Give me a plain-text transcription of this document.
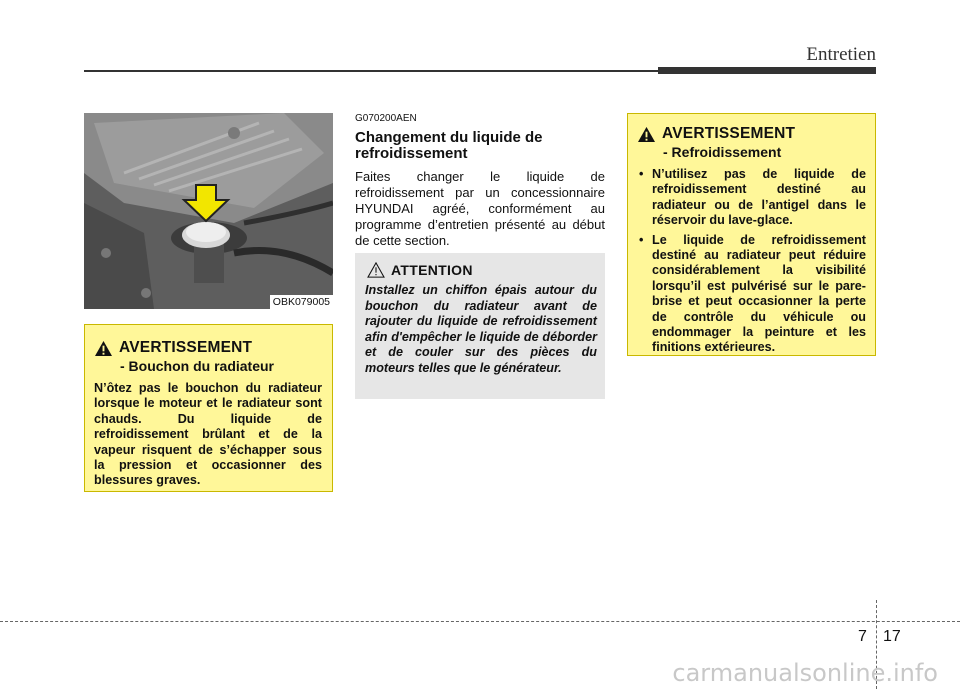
Entretien
OBK079005
AVERTISSEMENT
- Bouchon du radiateur
N’ôtez pas le bouchon du radiateur lorsque le moteur et le radiateur sont chauds. Du liquide de refroidissement brûlant et de la vapeur risquent de s’échapper sous la pression et occasionner des blessures graves.
G070200AEN
Changement du liquide de refroidissement
Faites changer le liquide de refroidissement par un concessionnaire HYUNDAI agréé, conformément au programme d’entretien présenté au début de cette section.
ATTENTION
Installez un chiffon épais autour du bouchon du radiateur avant de rajouter du liquide de refroidissement afin d'empêcher le liquide de déborder et de couler sur des pièces du moteurs telles que le générateur.
AVERTISSEMENT
- Refroidissement
• N’utilisez pas de liquide de refroidissement destiné au radiateur ou de l’antigel dans le réservoir du lave-glace.
• Le liquide de refroidissement destiné au radiateur peut réduire considérablement la visibilité lorsqu’il est pulvérisé sur le pare-brise et peut occasionner la perte de contrôle du véhicule ou endommager la peinture et les finitions extérieures.
7 17
carmanualsonline.info
